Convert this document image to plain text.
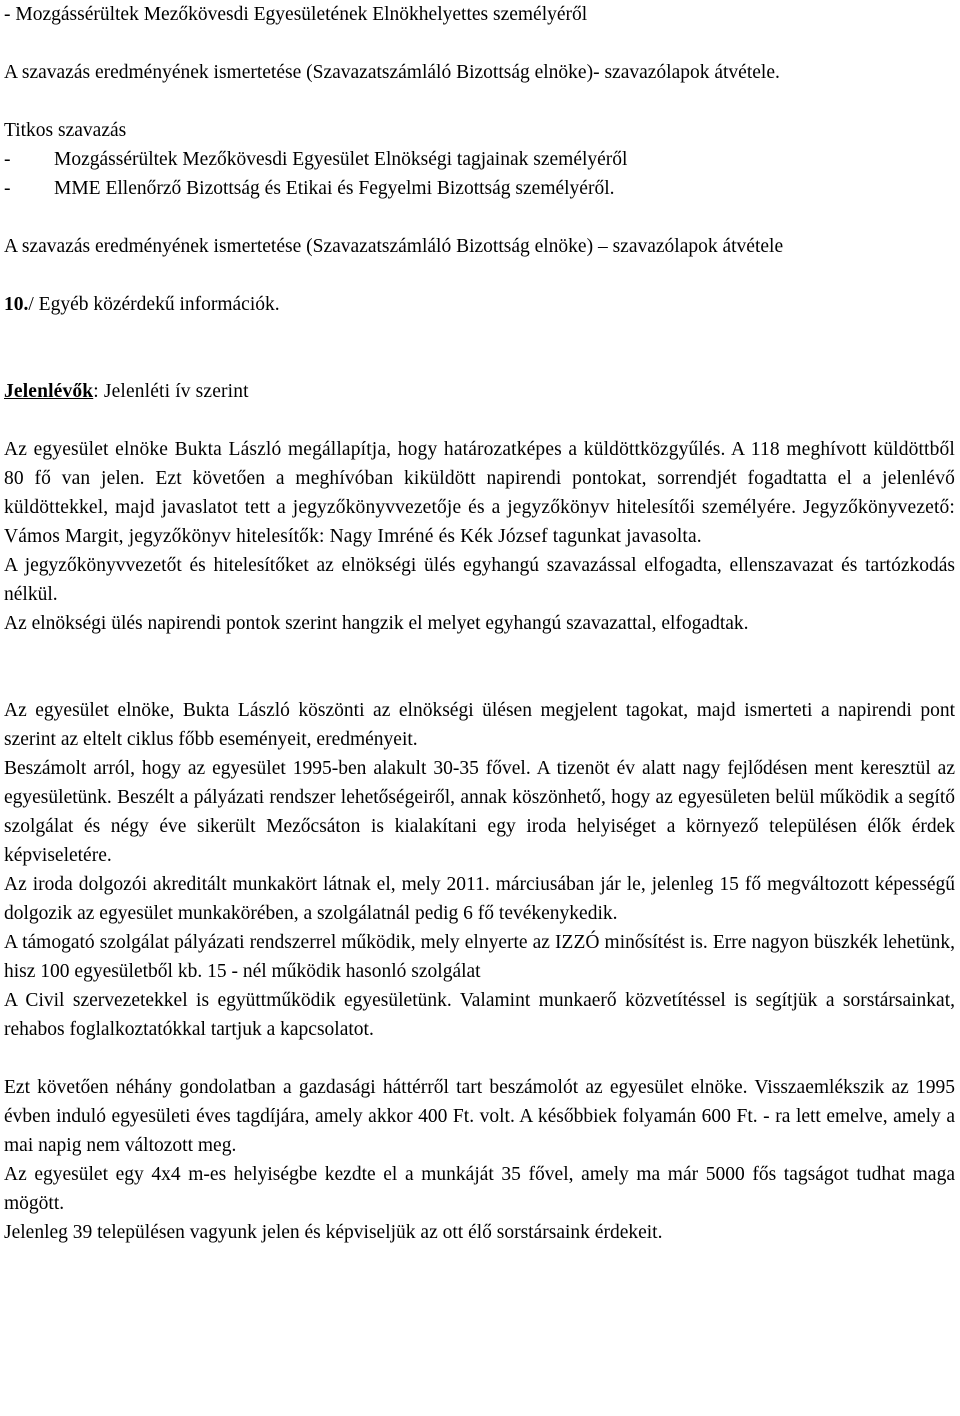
- Mozgássérültek Mezőkövesdi Egyesületének Elnökhelyettes személyéről

A szavazás eredményének ismertetése (Szavazatszámláló Bizottság elnöke)- szavazólapok átvétele.

Titkos szavazás

-	Mozgássérültek Mezőkövesdi Egyesület Elnökségi tagjainak személyéről
-	MME Ellenőrző Bizottság és Etikai és Fegyelmi Bizottság személyéről.

A szavazás eredményének ismertetése (Szavazatszámláló Bizottság elnöke) – szavazólapok átvétele

10./ Egyéb közérdekű információk.

Jelenlévők: Jelenléti ív szerint

Az egyesület elnöke Bukta László megállapítja, hogy határozatképes a küldöttközgyűlés. A 118 meghívott küldöttből 80 fő van jelen. Ezt követően a meghívóban kiküldött napirendi pontokat, sorrendjét fogadtatta el a jelenlévő küldöttekkel, majd javaslatot tett a jegyzőkönyvvezetője és a jegyzőkönyv hitelesítői személyére. Jegyzőkönyvezető: Vámos Margit, jegyzőkönyv hitelesítők: Nagy Imréné és Kék József tagunkat javasolta.

A jegyzőkönyvvezetőt és hitelesítőket az elnökségi ülés egyhangú szavazással elfogadta, ellenszavazat és tartózkodás nélkül.

Az elnökségi ülés napirendi pontok szerint hangzik el melyet egyhangú szavazattal, elfogadtak.

Az egyesület elnöke, Bukta László köszönti az elnökségi ülésen megjelent tagokat, majd ismerteti a napirendi pont szerint az eltelt ciklus főbb eseményeit, eredményeit.

Beszámolt arról, hogy az egyesület 1995-ben alakult 30-35 fővel. A tizenöt év alatt nagy fejlődésen ment keresztül az egyesületünk. Beszélt a pályázati rendszer lehetőségeiről, annak köszönhető, hogy az egyesületen belül működik a segítő szolgálat és négy éve sikerült Mezőcsáton is kialakítani egy iroda helyiséget a környező településen élők érdek képviseletére.

Az iroda dolgozói akreditált munkakört látnak el, mely 2011. márciusában jár le, jelenleg 15 fő megváltozott képességű dolgozik az egyesület munkakörében, a szolgálatnál pedig 6 fő tevékenykedik.

A támogató szolgálat pályázati rendszerrel működik, mely elnyerte az IZZÓ minősítést is. Erre nagyon büszkék lehetünk, hisz 100 egyesületből kb. 15 - nél működik hasonló szolgálat

A Civil szervezetekkel is együttműködik egyesületünk. Valamint munkaerő közvetítéssel is segítjük a sorstársainkat, rehabos foglalkoztatókkal tartjuk a kapcsolatot.

Ezt követően néhány gondolatban a gazdasági háttérről tart beszámolót az egyesület elnöke. Visszaemlékszik az 1995 évben induló egyesületi éves tagdíjára, amely akkor 400 Ft. volt. A későbbiek folyamán 600 Ft. - ra lett emelve, amely a mai napig nem változott meg.

Az egyesület egy 4x4 m-es helyiségbe kezdte el a munkáját 35 fővel, amely ma már 5000 fős tagságot tudhat maga mögött.

Jelenleg 39 településen vagyunk jelen és képviseljük az ott élő sorstársaink érdekeit.
